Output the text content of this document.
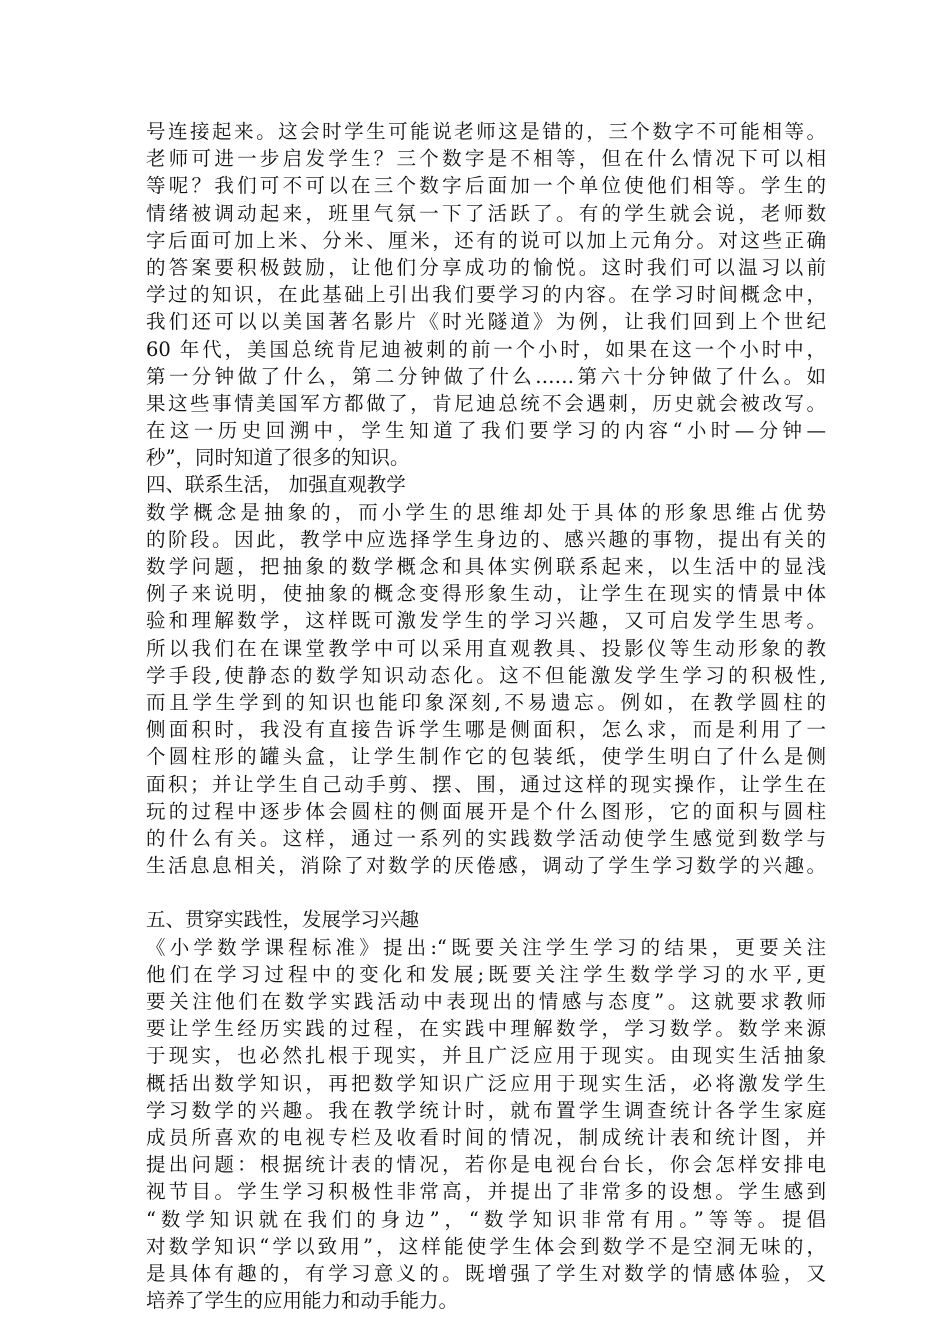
号连接起来。这会时学生可能说老师这是错的，三个数字不可能相等。
老师可进一步启发学生？三个数字是不相等，但在什么情况下可以相
等呢？我们可不可以在三个数字后面加一个单位使他们相等。学生的
情绪被调动起来，班里气氛一下了活跃了。有的学生就会说，老师数
字后面可加上米、分米、厘米，还有的说可以加上元角分。对这些正确
的答案要积极鼓励，让他们分享成功的愉悦。这时我们可以温习以前
学过的知识，在此基础上引出我们要学习的内容。在学习时间概念中，
我们还可以以美国著名影片《时光隧道》为例，让我们回到上个世纪
60 年代，美国总统肯尼迪被刺的前一个小时，如果在这一个小时中，
第一分钟做了什么，第二分钟做了什么……第六十分钟做了什么。如
果这些事情美国军方都做了，肯尼迪总统不会遇刺，历史就会被改写。
在这一历史回溯中，学生知道了我们要学习的内容“小时—分钟—
秒”，同时知道了很多的知识。
四、联系生活， 加强直观教学
数学概念是抽象的，而小学生的思维却处于具体的形象思维占优势
的阶段。因此，教学中应选择学生身边的、感兴趣的事物，提出有关的
数学问题，把抽象的数学概念和具体实例联系起来，以生活中的显浅
例子来说明，使抽象的概念变得形象生动，让学生在现实的情景中体
验和理解数学，这样既可激发学生的学习兴趣，又可启发学生思考。
所以我们在在课堂教学中可以采用直观教具、投影仪等生动形象的教
学手段,使静态的数学知识动态化。这不但能激发学生学习的积极性,
而且学生学到的知识也能印象深刻,不易遗忘。例如，在教学圆柱的
侧面积时，我没有直接告诉学生哪是侧面积，怎么求，而是利用了一
个圆柱形的罐头盒，让学生制作它的包装纸，使学生明白了什么是侧
面积；并让学生自己动手剪、摆、围，通过这样的现实操作，让学生在
玩的过程中逐步体会圆柱的侧面展开是个什么图形，它的面积与圆柱
的什么有关。这样，通过一系列的实践数学活动使学生感觉到数学与
生活息息相关，消除了对数学的厌倦感，调动了学生学习数学的兴趣。
五、贯穿实践性，发展学习兴趣
《小学数学课程标准》提出:“既要关注学生学习的结果，更要关注
他们在学习过程中的变化和发展;既要关注学生数学学习的水平,更
要关注他们在数学实践活动中表现出的情感与态度”。这就要求教师
要让学生经历实践的过程，在实践中理解数学，学习数学。数学来源
于现实，也必然扎根于现实，并且广泛应用于现实。由现实生活抽象
概括出数学知识，再把数学知识广泛应用于现实生活，必将激发学生
学习数学的兴趣。我在教学统计时，就布置学生调查统计各学生家庭
成员所喜欢的电视专栏及收看时间的情况，制成统计表和统计图，并
提出问题：根据统计表的情况，若你是电视台台长，你会怎样安排电
视节目。学生学习积极性非常高，并提出了非常多的设想。学生感到
“数学知识就在我们的身边”，“数学知识非常有用。”等等。提倡
对数学知识“学以致用”，这样能使学生体会到数学不是空洞无味的，
是具体有趣的，有学习意义的。既增强了学生对数学的情感体验，又
培养了学生的应用能力和动手能力。
